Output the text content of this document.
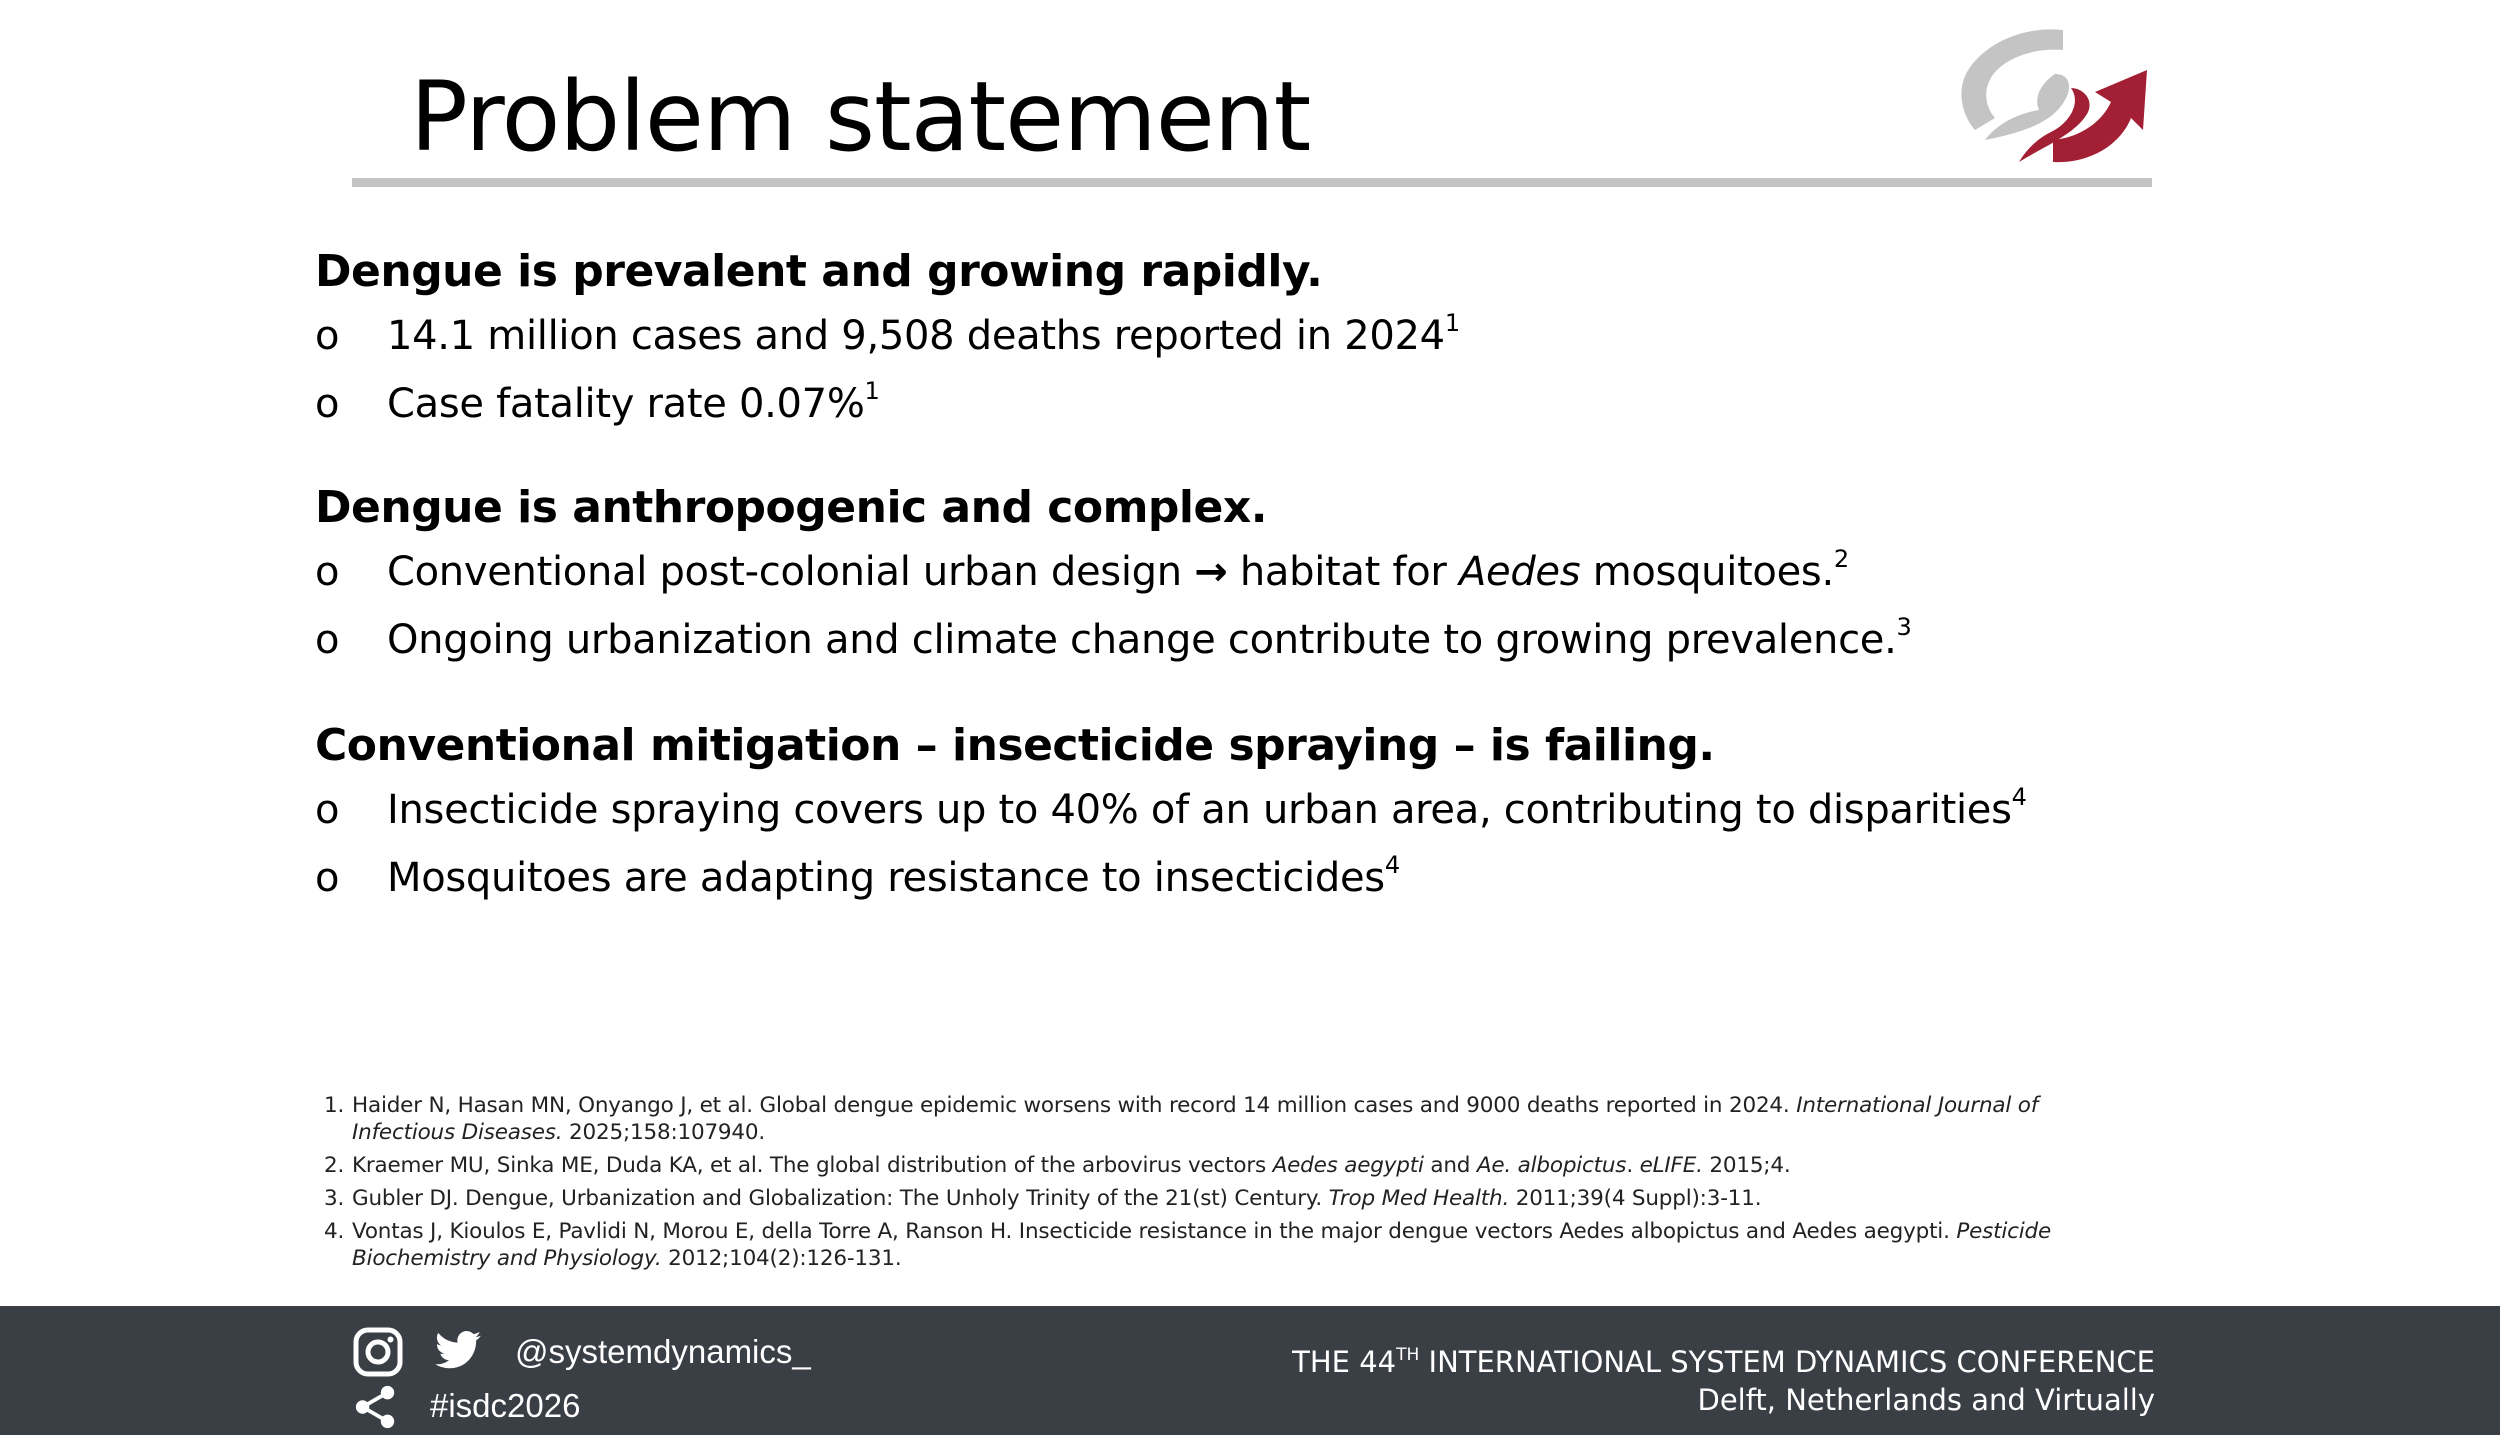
Problem statement
Dengue is prevalent and growing rapidly.
o	14.1 million cases and 9,508 deaths reported in 2024$^1$
o	Case fatality rate 0.07%$^1$
Dengue is anthropogenic and complex.
o	Conventional post-colonial urban design → habitat for Aedes mosquitoes.$^2$
o	Ongoing urbanization and climate change contribute to growing prevalence.$^3$
Conventional mitigation – insecticide spraying – is failing.
o	Insecticide spraying covers up to 40% of an urban area, contributing to disparities$^4$
o	Mosquitoes are adapting resistance to insecticides$^4$
1. Haider N, Hasan MN, Onyango J, et al. Global dengue epidemic worsens with record 14 million cases and 9000 deaths reported in 2024. International Journal of Infectious Diseases. 2025;158:107940.
2. Kraemer MU, Sinka ME, Duda KA, et al. The global distribution of the arbovirus vectors Aedes aegypti and Ae. albopictus. eLIFE. 2015;4.
3. Gubler DJ. Dengue, Urbanization and Globalization: The Unholy Trinity of the 21(st) Century. Trop Med Health. 2011;39(4 Suppl):3-11.
4. Vontas J, Kioulos E, Pavlidi N, Morou E, della Torre A, Ranson H. Insecticide resistance in the major dengue vectors Aedes albopictus and Aedes aegypti. Pesticide Biochemistry and Physiology. 2012;104(2):126-131.
@systemdynamics_
#isdc2026
THE 44TH INTERNATIONAL SYSTEM DYNAMICS CONFERENCE
Delft, Netherlands and Virtually
